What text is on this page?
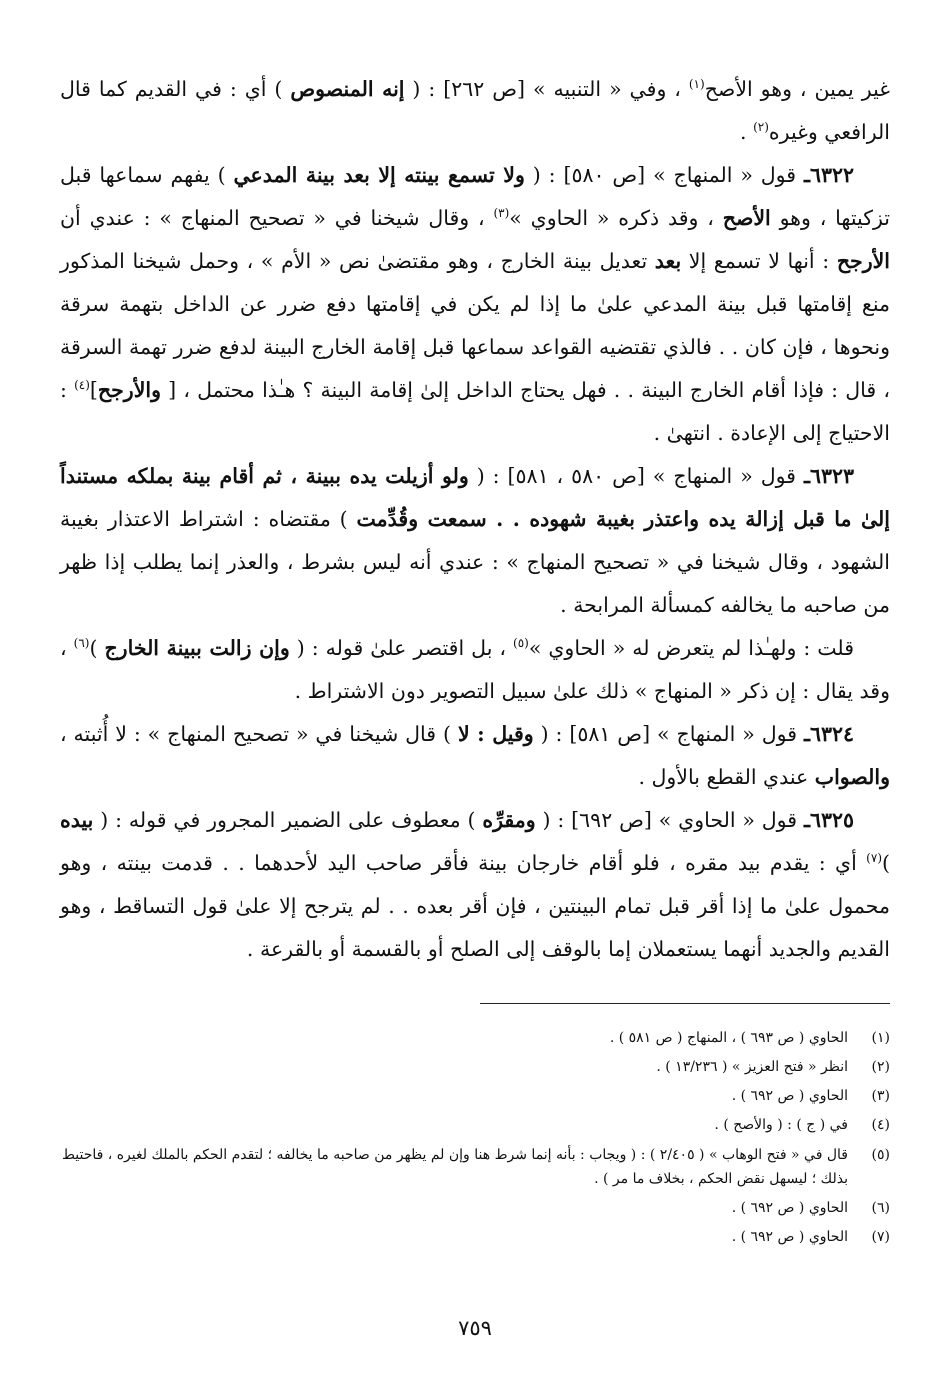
غير يمين ، وهو الأصح$^{(١)}$ ، وفي « التنبيه » [ص ٢٦٢] : ( إنه المنصوص ) أي : في القديم كما قال الرافعي وغيره$^{(٢)}$ .

٦٣٢٢ـ قول « المنهاج » [ص ٥٨٠] : ( ولا تسمع بينته إلا بعد بينة المدعي ) يفهم سماعها قبل تزكيتها ، وهو الأصح ، وقد ذكره « الحاوي »$^{(٣)}$ ، وقال شيخنا في « تصحيح المنهاج » : عندي أن الأرجح : أنها لا تسمع إلا بعد تعديل بينة الخارج ، وهو مقتضىٰ نص « الأم » ، وحمل شيخنا المذكور منع إقامتها قبل بينة المدعي علىٰ ما إذا لم يكن في إقامتها دفع ضرر عن الداخل بتهمة سرقة ونحوها ، فإن كان . . فالذي تقتضيه القواعد سماعها قبل إقامة الخارج البينة لدفع ضرر تهمة السرقة ، قال : فإذا أقام الخارج البينة . . فهل يحتاج الداخل إلىٰ إقامة البينة ؟ هـٰذا محتمل ، [ والأرجح]$^{(٤)}$ : الاحتياج إلى الإعادة . انتهىٰ .

٦٣٢٣ـ قول « المنهاج » [ص ٥٨٠ ، ٥٨١] : ( ولو أزيلت يده ببينة ، ثم أقام بينة بملكه مستنداً إلىٰ ما قبل إزالة يده واعتذر بغيبة شهوده . . سمعت وقُدِّمت ) مقتضاه : اشتراط الاعتذار بغيبة الشهود ، وقال شيخنا في « تصحيح المنهاج » : عندي أنه ليس بشرط ، والعذر إنما يطلب إذا ظهر من صاحبه ما يخالفه كمسألة المرابحة .

قلت : ولهـٰذا لم يتعرض له « الحاوي »$^{(٥)}$ ، بل اقتصر علىٰ قوله : ( وإن زالت ببينة الخارج )$^{(٦)}$ ، وقد يقال : إن ذكر « المنهاج » ذلك علىٰ سبيل التصوير دون الاشتراط .

٦٣٢٤ـ قول « المنهاج » [ص ٥٨١] : ( وقيل : لا ) قال شيخنا في « تصحيح المنهاج » : لا أُثبته ، والصواب عندي القطع بالأول .

٦٣٢٥ـ قول « الحاوي » [ص ٦٩٢] : ( ومقرِّه ) معطوف على الضمير المجرور في قوله : ( بيده )$^{(٧)}$ أي : يقدم بيد مقره ، فلو أقام خارجان بينة فأقر صاحب اليد لأحدهما . . قدمت بينته ، وهو محمول علىٰ ما إذا أقر قبل تمام البينتين ، فإن أقر بعده . . لم يترجح إلا علىٰ قول التساقط ، وهو القديم والجديد أنهما يستعملان إما بالوقف إلى الصلح أو بالقسمة أو بالقرعة .

(١)
الحاوي ( ص ٦٩٣ ) ، المنهاج ( ص ٥٨١ ) .
(٢)
انظر « فتح العزيز » ( ١٣/٢٣٦ ) .
(٣)
الحاوي ( ص ٦٩٢ ) .
(٤)
في ( ج ) : ( والأصح ) .
(٥)
قال في « فتح الوهاب » ( ٢/٤٠٥ ) : ( ويجاب : بأنه إنما شرط هنا وإن لم يظهر من صاحبه ما يخالفه ؛ لتقدم الحكم بالملك لغيره ، فاحتيط بذلك ؛ ليسهل نقض الحكم ، بخلاف ما مر ) .
(٦)
الحاوي ( ص ٦٩٢ ) .
(٧)
الحاوي ( ص ٦٩٢ ) .
٧٥٩
